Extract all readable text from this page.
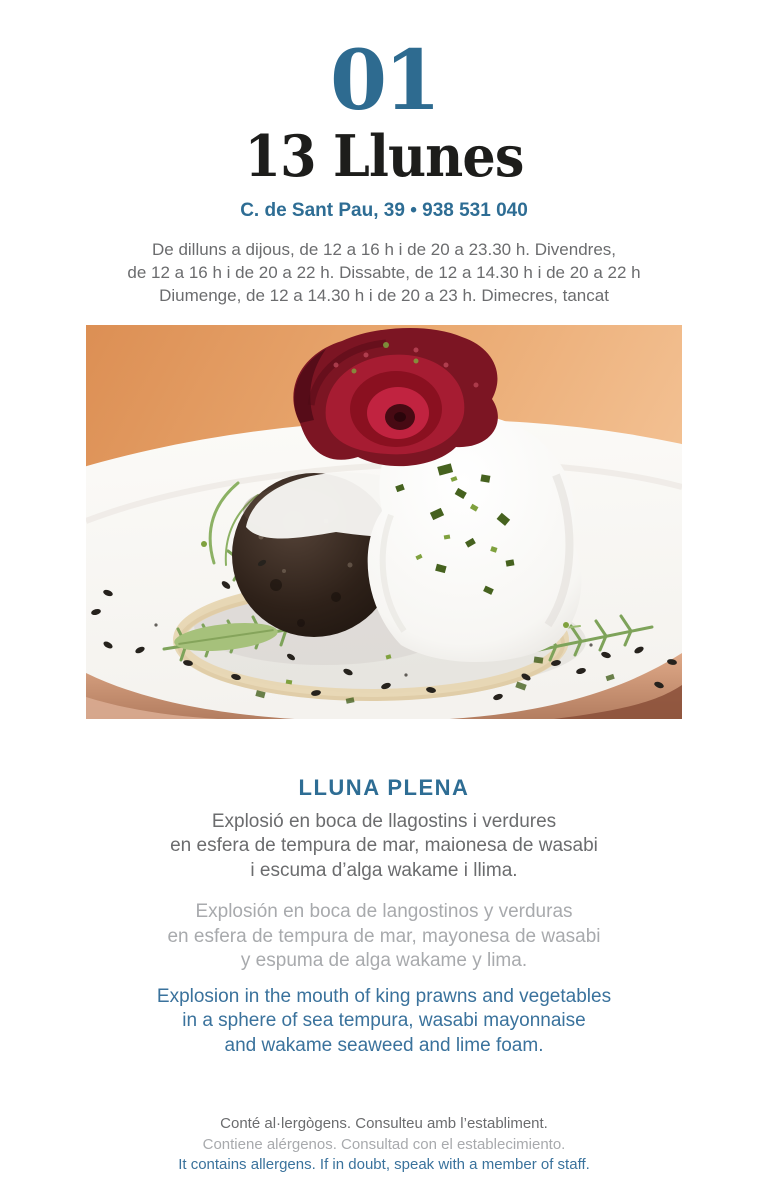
01
13 Llunes
C. de Sant Pau, 39 • 938 531 040
De dilluns a dijous, de 12 a 16 h i de 20 a 23.30 h. Divendres,
de 12 a 16 h i de 20 a 22 h. Dissabte, de 12 a 14.30 h i de 20 a 22 h
Diumenge, de 12 a 14.30 h i de 20 a 23 h. Dimecres, tancat
LLUNA PLENA
Explosió en boca de llagostins i verdures
en esfera de tempura de mar, maionesa de wasabi
i escuma d’alga wakame i llima.
Explosión en boca de langostinos y verduras
en esfera de tempura de mar, mayonesa de wasabi
y espuma de alga wakame y lima.
Explosion in the mouth of king prawns and vegetables
in a sphere of sea tempura, wasabi mayonnaise
and wakame seaweed and lime foam.
Conté al·lergògens. Consulteu amb l’establiment.
Contiene alérgenos. Consultad con el establecimiento.
It contains allergens. If in doubt, speak with a member of staff.
